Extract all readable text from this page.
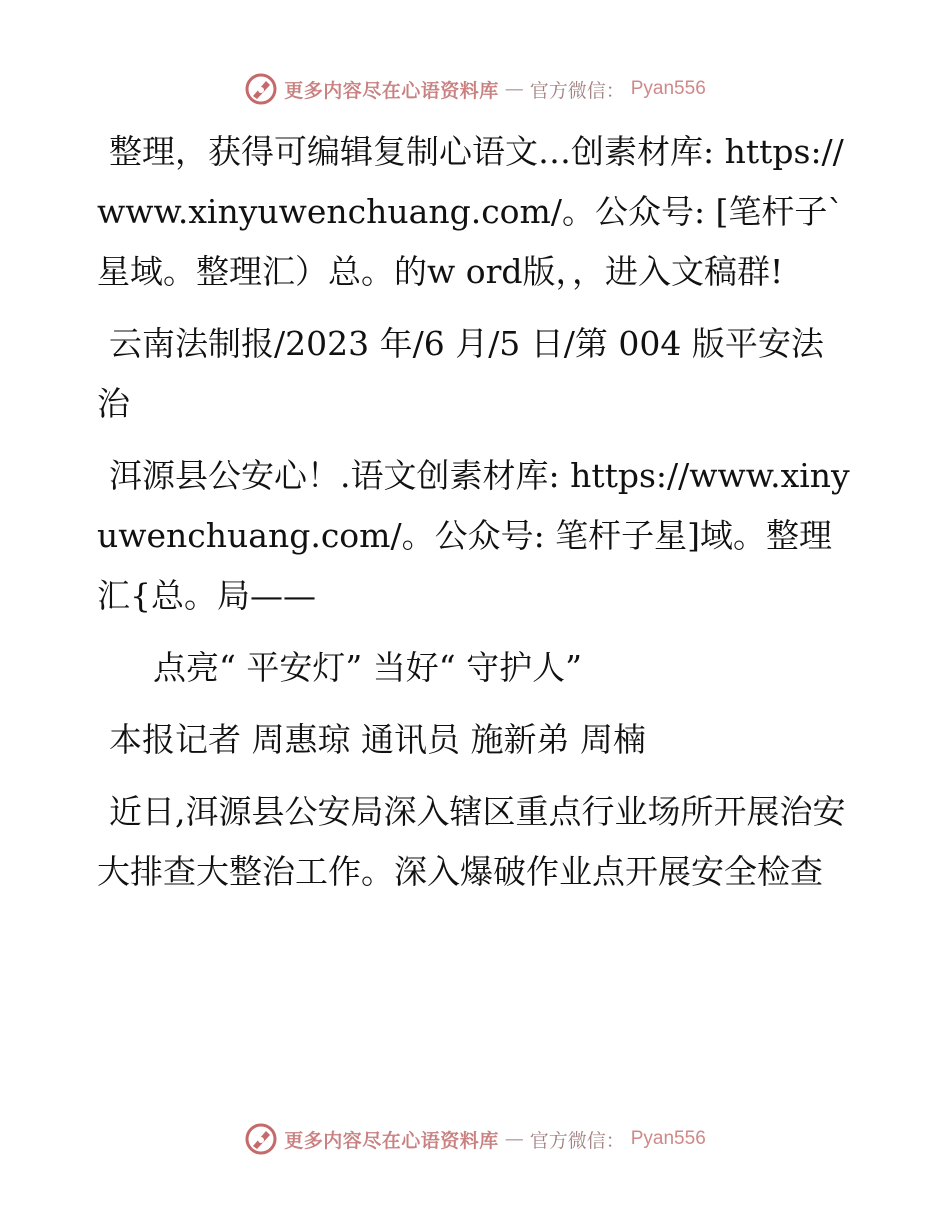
更多内容尽在心语资料库 — 官方微信： Pyan556

整理，获得可编辑复制心语文…创素材库: https://www.xinyuwenchuang.com/。公众号: [笔杆子`星域。整理汇）总。的w ord版，，进入文稿群!

云南法制报/2023 年/6 月/5 日/第 004 版平安法治

洱源县公安心！.语文创素材库: https://www.xinyuwenchuang.com/。公众号: 笔杆子星]域。整理汇{总。局——

点亮“ 平安灯” 当好“ 守护人”

本报记者 周惠琼 通讯员 施新弟 周楠

近日,洱源县公安局深入辖区重点行业场所开展治安大排查大整治工作。深入爆破作业点开展安全检查

更多内容尽在心语资料库 — 官方微信： Pyan556
